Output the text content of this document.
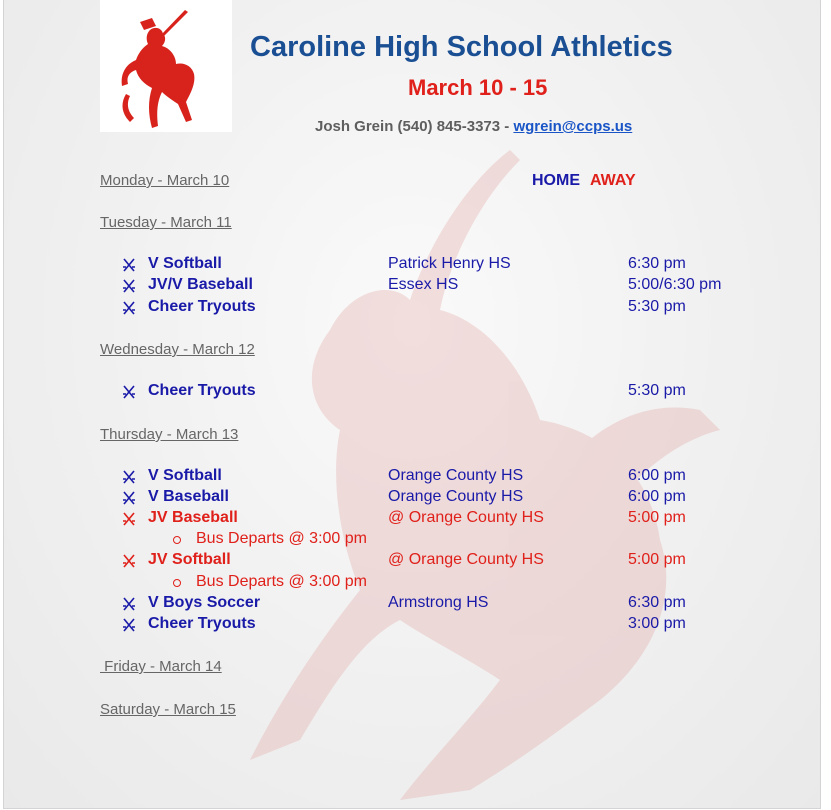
Caroline High School Athletics
March 10 - 15
Josh Grein (540) 845-3373 - wgrein@ccps.us
Monday - March 10	HOME AWAY
Tuesday - March 11
V Softball	Patrick Henry HS	6:30 pm
JV/V Baseball	Essex HS	5:00/6:30 pm
Cheer Tryouts	5:30 pm
Wednesday - March 12
Cheer Tryouts	5:30 pm
Thursday - March 13
V Softball	Orange County HS	6:00 pm
V Baseball	Orange County HS	6:00 pm
JV Baseball	@ Orange County HS	5:00 pm
Bus Departs @ 3:00 pm
JV Softball	@ Orange County HS	5:00 pm
Bus Departs @ 3:00 pm
V Boys Soccer	Armstrong HS	6:30 pm
Cheer Tryouts	3:00 pm
Friday - March 14
Saturday - March 15
